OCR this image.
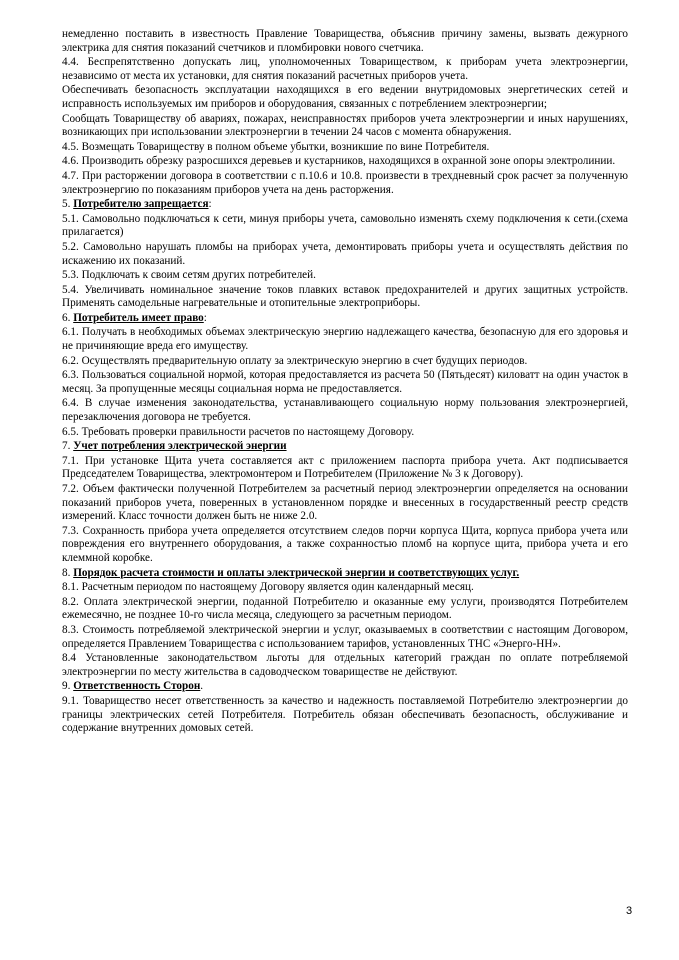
немедленно поставить в известность Правление Товарищества, объяснив причину замены, вызвать дежурного электрика для снятия показаний счетчиков и пломбировки нового счетчика.
4.4. Беспрепятственно допускать лиц, уполномоченных Товариществом, к приборам учета электроэнергии, независимо от места их установки, для снятия показаний расчетных приборов учета.
Обеспечивать безопасность эксплуатации находящихся в его ведении внутридомовых энергетических сетей и исправность используемых им приборов и оборудования, связанных с потреблением электроэнергии;
Сообщать Товариществу об авариях, пожарах, неисправностях приборов учета электроэнергии и иных нарушениях, возникающих при использовании электроэнергии в течении 24 часов с момента обнаружения.
4.5. Возмещать Товариществу в полном объеме убытки, возникшие по вине Потребителя.
4.6. Производить обрезку разросшихся деревьев и кустарников, находящихся в охранной зоне опоры электролинии.
4.7. При расторжении договора в соответствии с п.10.6 и 10.8. произвести в трехдневный срок расчет за полученную электроэнергию по показаниям приборов учета на день расторжения.
5. Потребителю запрещается:
5.1. Самовольно подключаться к сети, минуя приборы учета, самовольно изменять схему подключения к сети.(схема прилагается)
5.2. Самовольно нарушать пломбы на приборах учета, демонтировать приборы учета и осуществлять действия по искажению их показаний.
5.3. Подключать к своим сетям других потребителей.
5.4. Увеличивать номинальное значение токов плавких вставок предохранителей и других защитных устройств. Применять самодельные нагревательные и отопительные электроприборы.
6. Потребитель имеет право:
6.1. Получать в необходимых объемах электрическую энергию надлежащего качества, безопасную для его здоровья и не причиняющие вреда его имуществу.
6.2. Осуществлять предварительную оплату за электрическую энергию в счет будущих периодов.
6.3. Пользоваться социальной нормой, которая предоставляется из расчета 50 (Пятьдесят) киловатт на один участок в месяц. За пропущенные месяцы социальная норма не предоставляется.
6.4. В случае изменения законодательства, устанавливающего социальную норму пользования электроэнергией, перезаключения договора не требуется.
6.5. Требовать проверки правильности расчетов по настоящему Договору.
7. Учет потребления электрической энергии
7.1. При установке Щита учета составляется акт с приложением паспорта прибора учета. Акт подписывается Председателем Товарищества, электромонтером и Потребителем (Приложение № 3 к Договору).
7.2. Объем фактически полученной Потребителем за расчетный период электроэнергии определяется на основании показаний приборов учета, поверенных в установленном порядке и внесенных в государственный реестр средств измерений. Класс точности должен быть не ниже 2.0.
7.3. Сохранность прибора учета определяется отсутствием следов порчи корпуса Щита, корпуса прибора учета или повреждения его внутреннего оборудования, а также сохранностью пломб на корпусе щита, прибора учета и его клеммной коробке.
8. Порядок расчета стоимости и оплаты электрической энергии и соответствующих услуг.
8.1. Расчетным периодом по настоящему Договору является один календарный месяц.
8.2. Оплата электрической энергии, поданной Потребителю и оказанные ему услуги, производятся Потребителем ежемесячно, не позднее 10-го числа месяца, следующего за расчетным периодом.
8.3. Стоимость потребляемой электрической энергии и услуг, оказываемых в соответствии с настоящим Договором, определяется Правлением Товарищества с использованием тарифов, установленных ТНС «Энерго-НН».
8.4 Установленные законодательством льготы для отдельных категорий граждан по оплате потребляемой электроэнергии по месту жительства в садоводческом товариществе не действуют.
9. Ответственность Сторон.
9.1. Товарищество несет ответственность за качество и надежность поставляемой Потребителю электроэнергии до границы электрических сетей Потребителя. Потребитель обязан обеспечивать безопасность, обслуживание и содержание внутренних домовых сетей.
3
